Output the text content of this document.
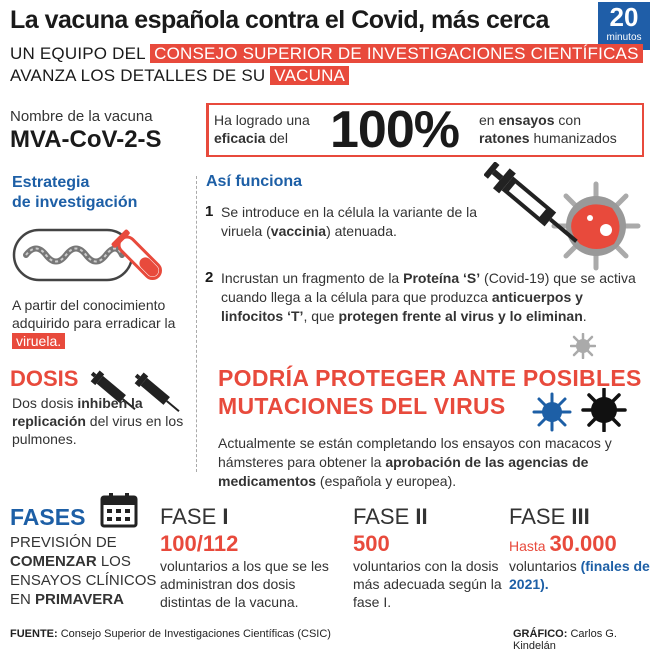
La vacuna española contra el Covid, más cerca	20
minutos
UN EQUIPO DEL CONSEJO SUPERIOR DE INVESTIGACIONES CIENTÍFICAS
AVANZA LOS DETALLES DE SU VACUNA
Nombre de la vacuna
MVA-CoV-2-S
Ha logrado una
eficacia del 100% en ensayos con
ratones humanizados
Estrategia
de investigación
A partir del conocimiento adquirido para erradicar la viruela.
DOSIS
Dos dosis inhiben la replicación del virus en los pulmones.
Así funciona
1 Se introduce en la célula la variante de la viruela (vaccinia) atenuada.
2 Incrustan un fragmento de la Proteína ‘S’ (Covid-19) que se activa cuando llega a la célula para que produzca anticuerpos y linfocitos ‘T’, que protegen frente al virus y lo eliminan.
PODRÍA PROTEGER ANTE POSIBLES
MUTACIONES DEL VIRUS
Actualmente se están completando los ensayos con macacos y hámsteres para obtener la aprobación de las agencias de medicamentos (española y europea).
FASES
PREVISIÓN DE COMENZAR LOS ENSAYOS CLÍNICOS EN PRIMAVERA
FASE I
100/112
voluntarios a los que se les administran dos dosis distintas de la vacuna.
FASE II
500
voluntarios con la dosis más adecuada según la fase I.
FASE III
Hasta 30.000
voluntarios (finales de 2021).
FUENTE: Consejo Superior de Investigaciones Científicas (CSIC)	GRÁFICO: Carlos G. Kindelán
